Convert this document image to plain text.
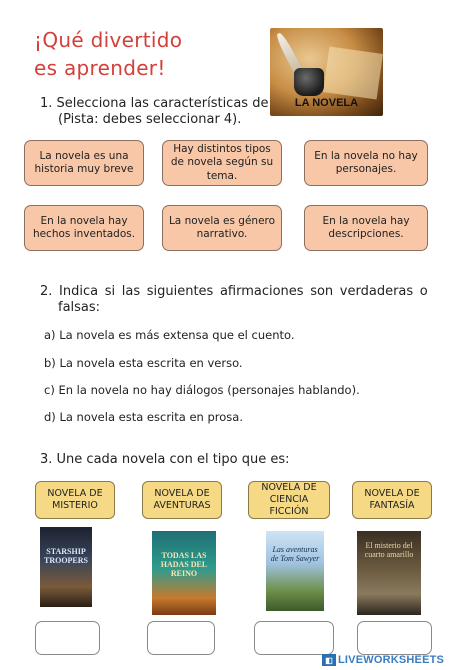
¡Qué divertido
es aprender!
LA NOVELA
1. Selecciona las características de
(Pista: debes seleccionar 4).
La novela es una historia muy breve
Hay distintos tipos de novela según su tema.
En la novela no hay personajes.
En la novela hay hechos inventados.
La novela es género narrativo.
En la novela hay descripciones.
2. Indica si las siguientes afirmaciones son verdaderas o
falsas:
a) La novela es más extensa que el cuento.
b) La novela esta escrita en verso.
c) En la novela no hay diálogos (personajes hablando).
d) La novela esta escrita en prosa.
3. Une cada novela con el tipo que es:
NOVELA DE MISTERIO
NOVELA DE AVENTURAS
NOVELA DE CIENCIA FICCIÓN
NOVELA DE FANTASÍA
STARSHIP TROOPERS
TODAS LAS HADAS DEL REINO
Las aventuras de Tom Sawyer
El misterio del cuarto amarillo
◧ LIVEWORKSHEETS
